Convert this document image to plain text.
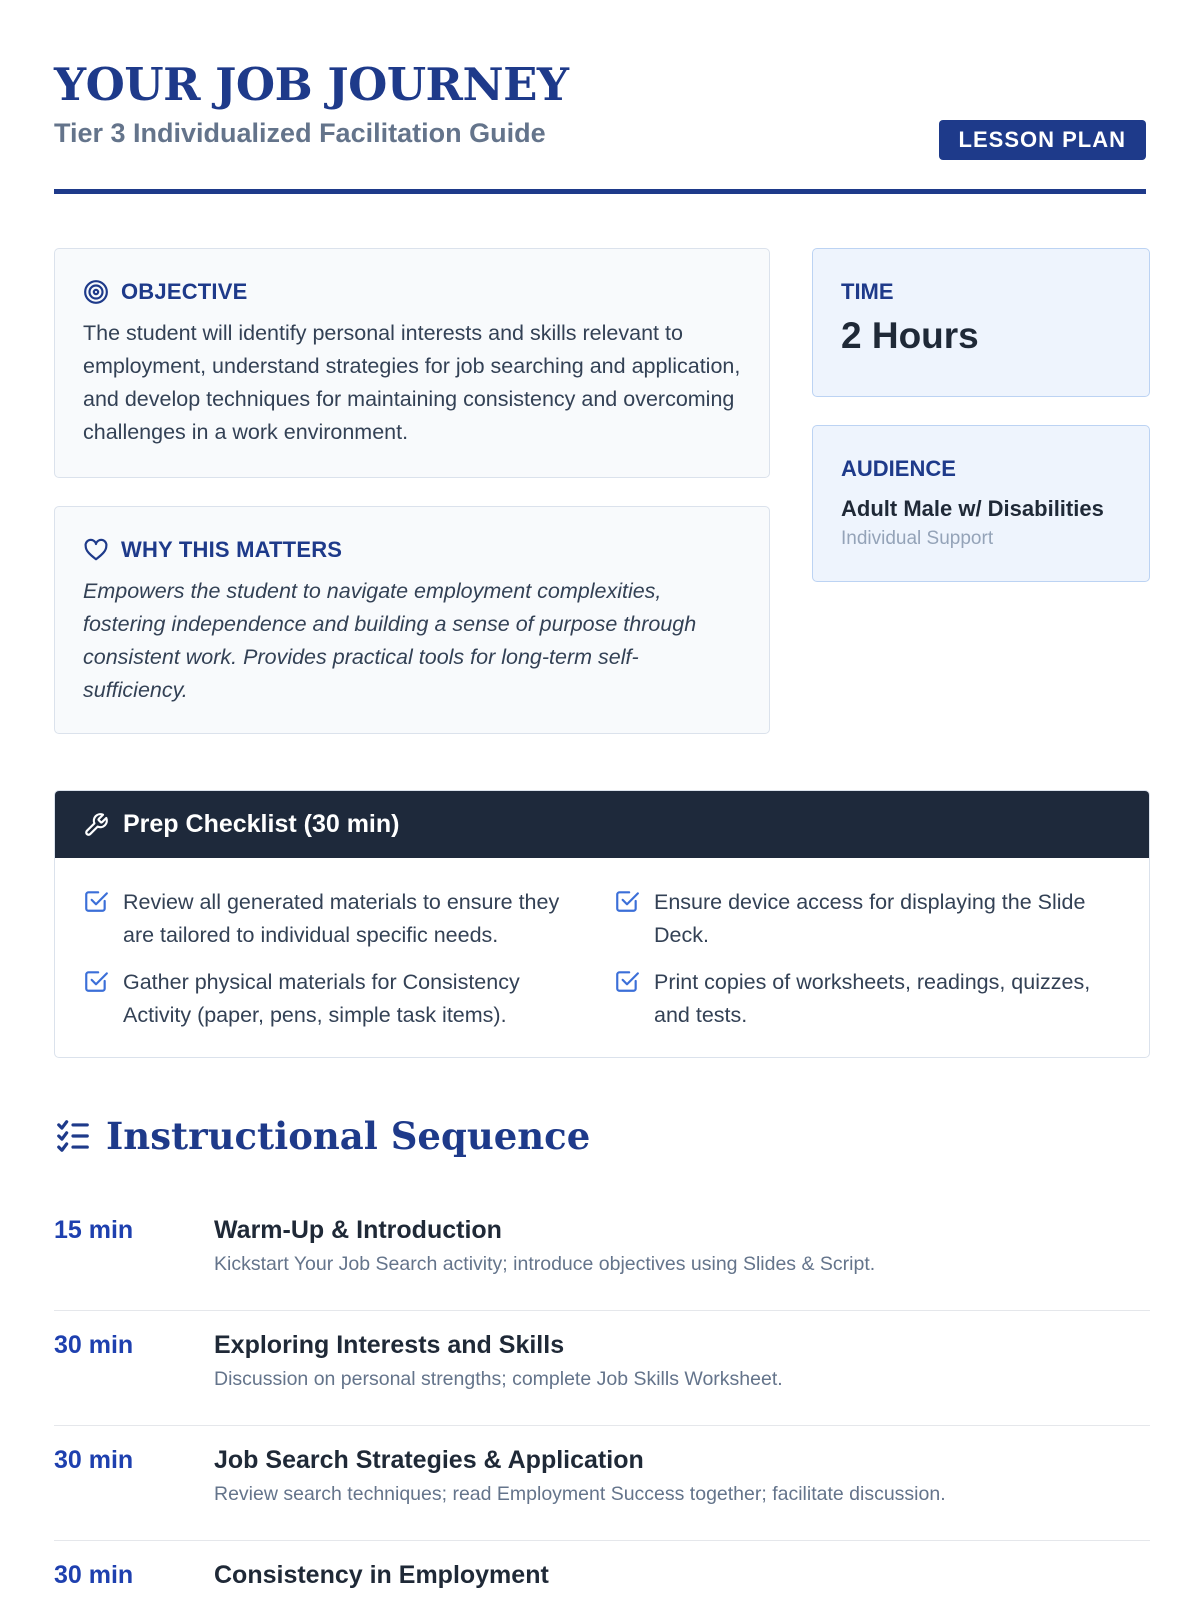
YOUR JOB JOURNEY
Tier 3 Individualized Facilitation Guide	LESSON PLAN
OBJECTIVE
The student will identify personal interests and skills relevant to employment, understand strategies for job searching and application, and develop techniques for maintaining consistency and overcoming challenges in a work environment.
WHY THIS MATTERS
Empowers the student to navigate employment complexities, fostering independence and building a sense of purpose through consistent work. Provides practical tools for long-term self-sufficiency.
TIME
2 Hours
AUDIENCE
Adult Male w/ Disabilities
Individual Support
Prep Checklist (30 min)
Review all generated materials to ensure they are tailored to individual specific needs.
Ensure device access for displaying the Slide Deck.
Gather physical materials for Consistency Activity (paper, pens, simple task items).
Print copies of worksheets, readings, quizzes, and tests.
Instructional Sequence
15 min	Warm-Up & Introduction
Kickstart Your Job Search activity; introduce objectives using Slides & Script.
30 min	Exploring Interests and Skills
Discussion on personal strengths; complete Job Skills Worksheet.
30 min	Job Search Strategies & Application
Review search techniques; read Employment Success together; facilitate discussion.
30 min	Consistency in Employment
